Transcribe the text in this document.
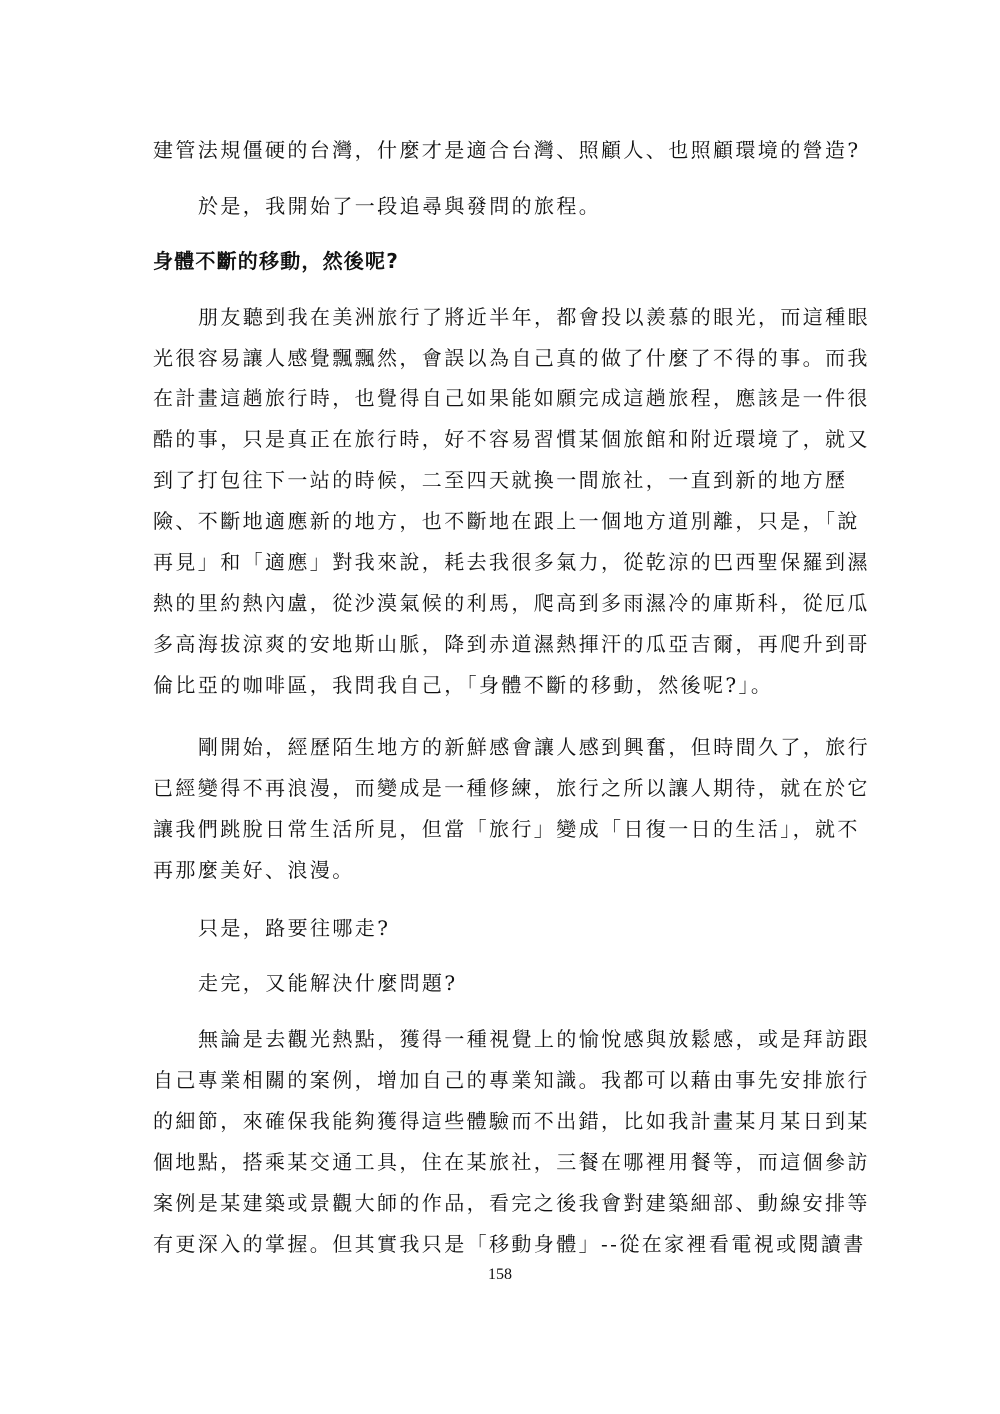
建管法規僵硬的台灣，什麼才是適合台灣、照顧人、也照顧環境的營造?
於是，我開始了一段追尋與發問的旅程。
身體不斷的移動，然後呢?
朋友聽到我在美洲旅行了將近半年，都會投以羨慕的眼光，而這種眼
光很容易讓人感覺飄飄然，會誤以為自己真的做了什麼了不得的事。而我
在計畫這趟旅行時，也覺得自己如果能如願完成這趟旅程，應該是一件很
酷的事，只是真正在旅行時，好不容易習慣某個旅館和附近環境了，就又
到了打包往下一站的時候，二至四天就換一間旅社，一直到新的地方歷
險、不斷地適應新的地方，也不斷地在跟上一個地方道別離，只是，「說
再見」和「適應」對我來說，耗去我很多氣力，從乾涼的巴西聖保羅到濕
熱的里約熱內盧，從沙漠氣候的利馬，爬高到多雨濕冷的庫斯科，從厄瓜
多高海拔涼爽的安地斯山脈，降到赤道濕熱揮汗的瓜亞吉爾，再爬升到哥
倫比亞的咖啡區，我問我自己，「身體不斷的移動，然後呢?」。
剛開始，經歷陌生地方的新鮮感會讓人感到興奮，但時間久了，旅行
已經變得不再浪漫，而變成是一種修練，旅行之所以讓人期待，就在於它
讓我們跳脫日常生活所見，但當「旅行」變成「日復一日的生活」，就不
再那麼美好、浪漫。
只是，路要往哪走?
走完，又能解決什麼問題?
無論是去觀光熱點，獲得一種視覺上的愉悅感與放鬆感，或是拜訪跟
自己專業相關的案例，增加自己的專業知識。我都可以藉由事先安排旅行
的細節，來確保我能夠獲得這些體驗而不出錯，比如我計畫某月某日到某
個地點，搭乘某交通工具，住在某旅社，三餐在哪裡用餐等，而這個參訪
案例是某建築或景觀大師的作品，看完之後我會對建築細部、動線安排等
有更深入的掌握。但其實我只是「移動身體」--從在家裡看電視或閱讀書
158
